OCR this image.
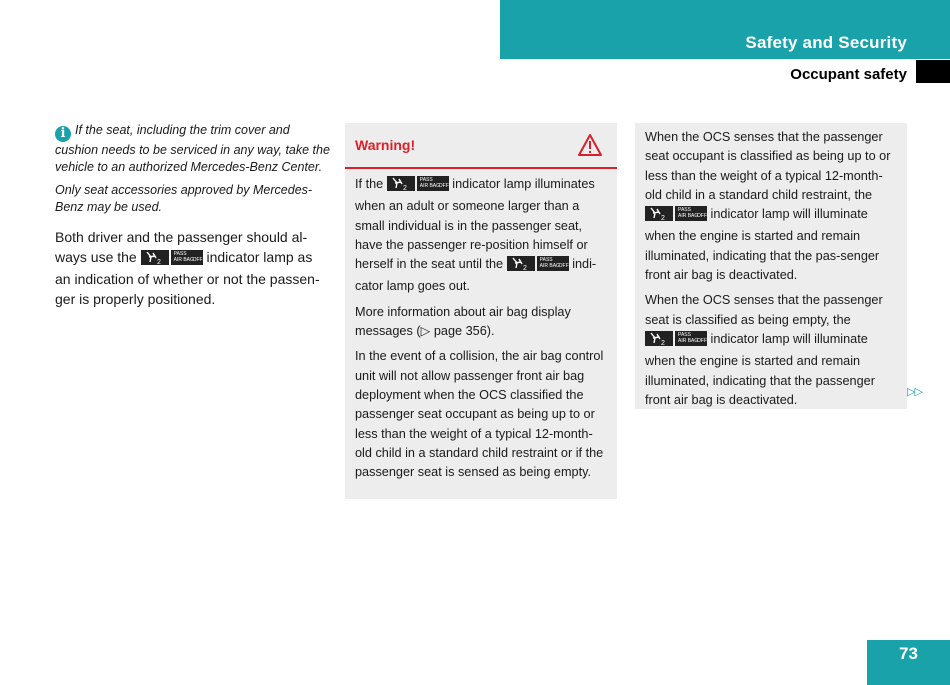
Safety and Security
Occupant safety

i If the seat, including the trim cover and cushion needs to be serviced in any way, take the vehicle to an authorized Mercedes-Benz Center.

Only seat accessories approved by Mercedes-Benz may be used.

Both driver and the passenger should al-ways use the	2
PASS
AIR BAG
OFF indicator lamp as an indication of whether or not the passen-ger is properly positioned.

Warning!

If the	2
PASS
AIR BAG
OFF indicator lamp illuminates when an adult or someone larger than a small individual is in the passenger seat, have the passenger re-position himself or herself in the seat until the	2
PASS
AIR BAG
OFF indi-cator lamp goes out.

More information about air bag display messages (▷ page 356).

In the event of a collision, the air bag control unit will not allow passenger front air bag deployment when the OCS classified the passenger seat occupant as being up to or less than the weight of a typical 12-month-old child in a standard child restraint or if the passenger seat is sensed as being empty.

When the OCS senses that the passenger seat occupant is classified as being up to or less than the weight of a typical 12-month-old child in a standard child restraint, the
2
PASS
AIR BAG
OFF indicator lamp will illuminate when the engine is started and remain illuminated, indicating that the pas-senger front air bag is deactivated.

When the OCS senses that the passenger seat is classified as being empty, the
2
PASS
AIR BAG
OFF indicator lamp will illuminate when the engine is started and remain illuminated, indicating that the passenger front air bag is deactivated.

▷▷
73
